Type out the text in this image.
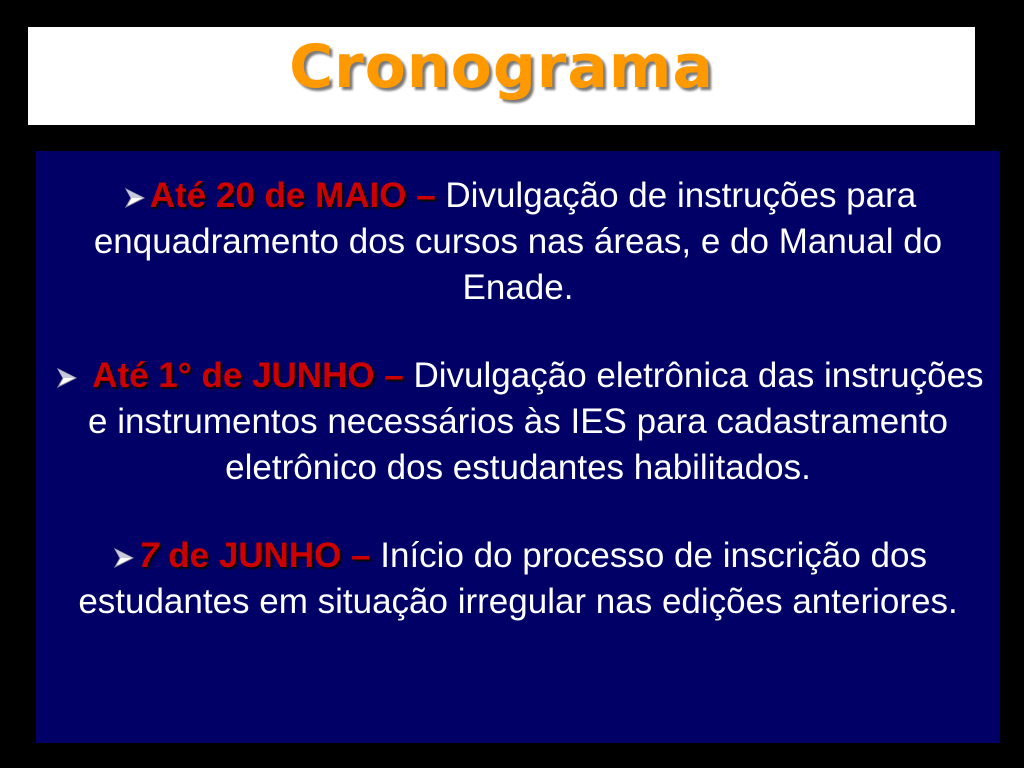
Cronograma

Até 20 de MAIO – Divulgação de instruções para enquadramento dos cursos nas áreas, e do Manual do Enade.

Até 1° de JUNHO – Divulgação eletrônica das instruções e instrumentos necessários às IES para cadastramento eletrônico dos estudantes habilitados.

7 de JUNHO – Início do processo de inscrição dos estudantes em situação irregular nas edições anteriores.
